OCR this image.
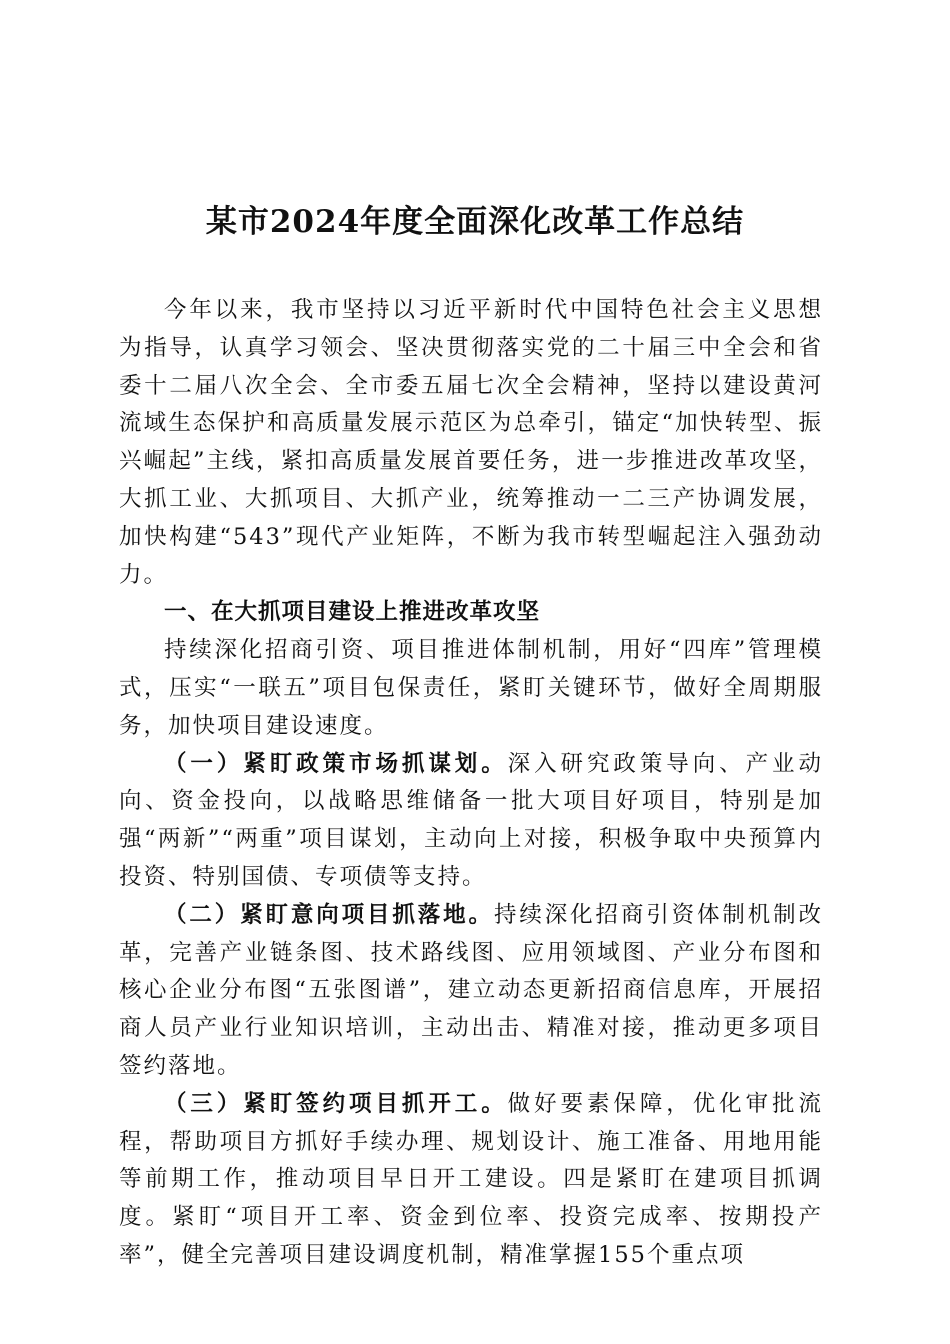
某市2024年度全面深化改革工作总结

今年以来，我市坚持以习近平新时代中国特色社会主义思想为指导，认真学习领会、坚决贯彻落实党的二十届三中全会和省委十二届八次全会、全市委五届七次全会精神，坚持以建设黄河流域生态保护和高质量发展示范区为总牵引，锚定“加快转型、振兴崛起”主线，紧扣高质量发展首要任务，进一步推进改革攻坚，大抓工业、大抓项目、大抓产业，统筹推动一二三产协调发展，加快构建“543”现代产业矩阵，不断为我市转型崛起注入强劲动力。

一、在大抓项目建设上推进改革攻坚

持续深化招商引资、项目推进体制机制，用好“四库”管理模式，压实“一联五”项目包保责任，紧盯关键环节，做好全周期服务，加快项目建设速度。

（一）紧盯政策市场抓谋划。深入研究政策导向、产业动向、资金投向，以战略思维储备一批大项目好项目，特别是加强“两新”“两重”项目谋划，主动向上对接，积极争取中央预算内投资、特别国债、专项债等支持。

（二）紧盯意向项目抓落地。持续深化招商引资体制机制改革，完善产业链条图、技术路线图、应用领域图、产业分布图和核心企业分布图“五张图谱”，建立动态更新招商信息库，开展招商人员产业行业知识培训，主动出击、精准对接，推动更多项目签约落地。

（三）紧盯签约项目抓开工。做好要素保障，优化审批流程，帮助项目方抓好手续办理、规划设计、施工准备、用地用能等前期工作，推动项目早日开工建设。四是紧盯在建项目抓调度。紧盯“项目开工率、资金到位率、投资完成率、按期投产率”，健全完善项目建设调度机制，精准掌握155个重点项
